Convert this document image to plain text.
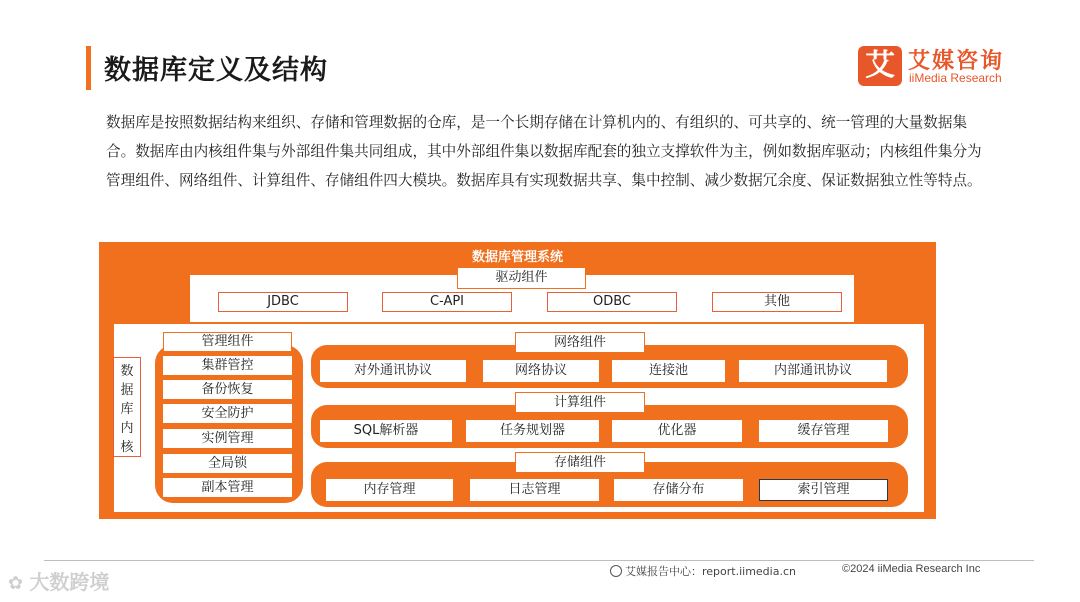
数据库定义及结构	艾 艾媒咨询
iiMedia Research
数据库是按照数据结构来组织、存储和管理数据的仓库，是一个长期存储在计算机内的、有组织的、可共享的、统一管理的大量数据集合。数据库由内核组件集与外部组件集共同组成，其中外部组件集以数据库配套的独立支撑软件为主，例如数据库驱动；内核组件集分为管理组件、网络组件、计算组件、存储组件四大模块。数据库具有实现数据共享、集中控制、减少数据冗余度、保证数据独立性等特点。
数据库管理系统
驱动组件
JDBC	C-API	ODBC	其他
数
据
库
内
核
管理组件
集群管控
备份恢复
安全防护
实例管理
全局锁
副本管理
网络组件
对外通讯协议	网络协议	连接池	内部通讯协议
计算组件
SQL解析器	任务规划器	优化器	缓存管理
存储组件
内存管理	日志管理	存储分布	索引管理
艾媒报告中心：report.iimedia.cn	©2024 iiMedia Research Inc
✿ 大数跨境
